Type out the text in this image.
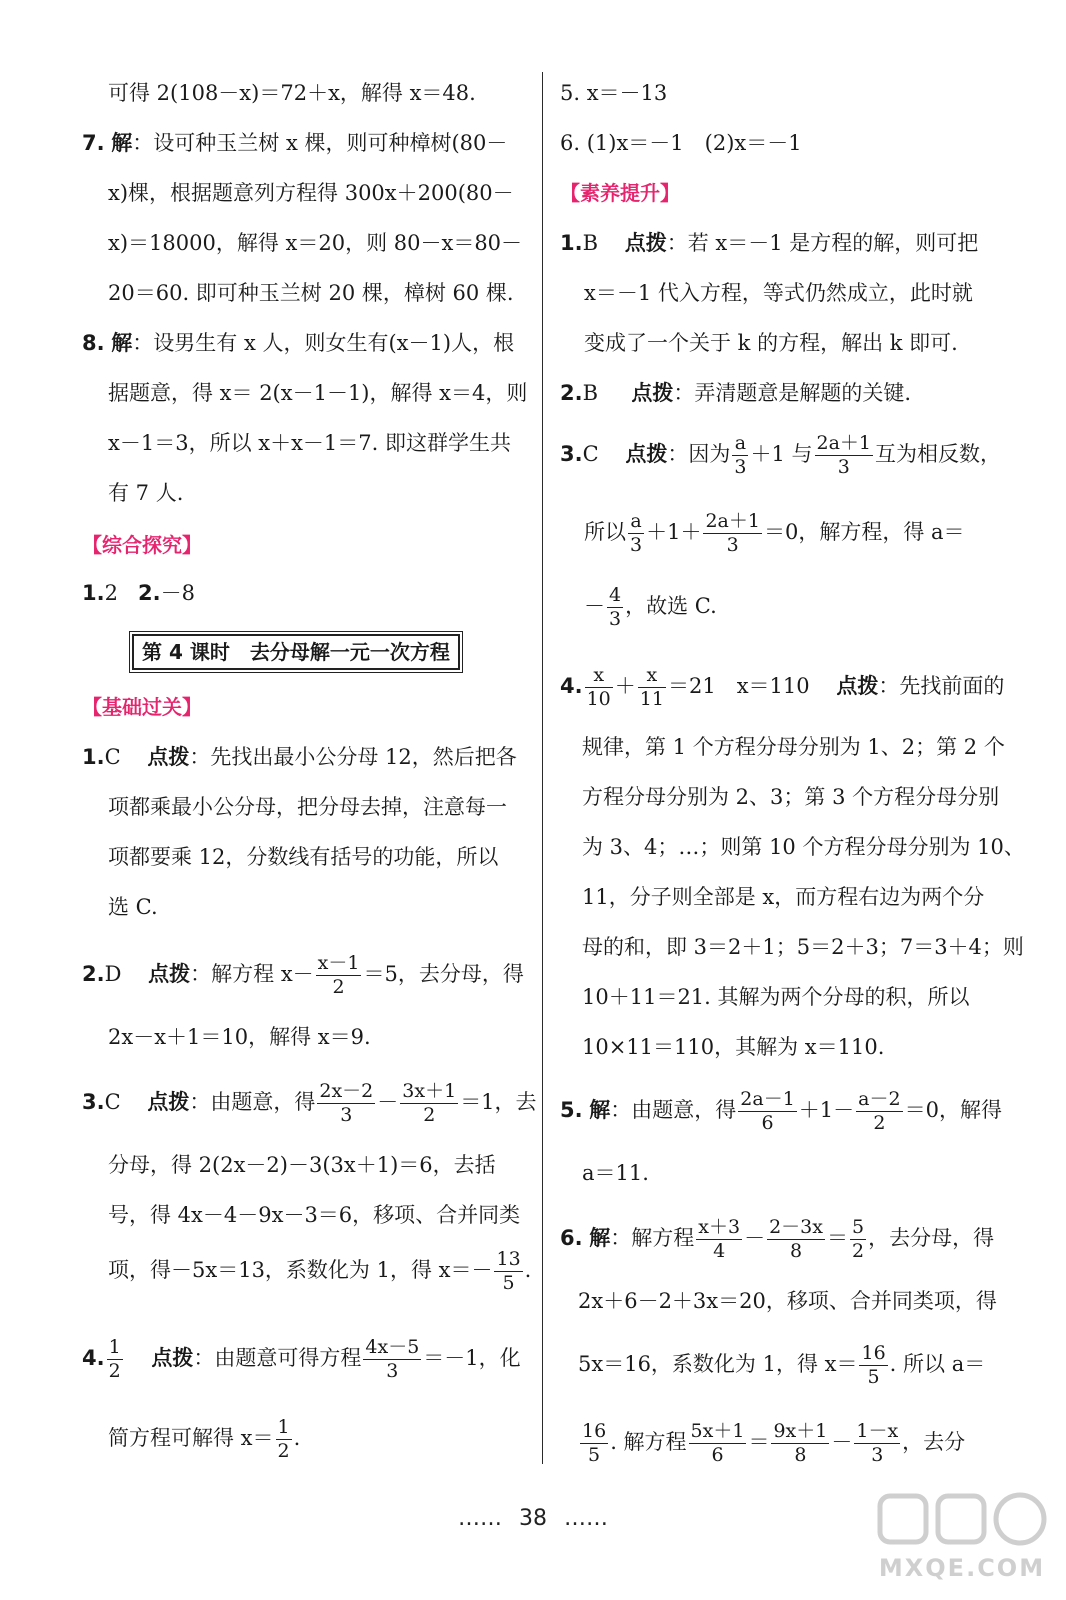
可得 2(108－x)＝72＋x，解得 x＝48.
7. 解：设可种玉兰树 x 棵，则可种樟树(80－
x)棵，根据题意列方程得 300x＋200(80－
x)＝18000，解得 x＝20，则 80－x＝80－
20＝60. 即可种玉兰树 20 棵，樟树 60 棵.
8. 解：设男生有 x 人，则女生有(x－1)人，根
据题意，得 x＝ 2(x－1－1)，解得 x＝4，则
x－1＝3，所以 x＋x－1＝7. 即这群学生共
有 7 人.
【综合探究】
1.2 2.－8
第 4 课时　去分母解一元一次方程
【基础过关】
1.C 点拨：先找出最小公分母 12，然后把各
项都乘最小公分母，把分母去掉，注意每一
项都要乘 12，分数线有括号的功能，所以
选 C.
2.D 点拨：解方程 $x- \frac{x-1}{2} =5$，去分母，得
2x－x＋1＝10，解得 x＝9.
3.C 点拨：由题意，得 $\frac{2x-2}{3} - \frac{3x+1}{2} =1$，去
分母，得 2(2x－2)－3(3x＋1)＝6，去括
号，得 4x－4－9x－3＝6，移项、合并同类
项，得－5x＝13，系数化为 1，得 $x=- \frac{13}{5}$ .
4. $\frac{1}{2}$ 点拨：由题意可得方程 $\frac{4x-5}{3} =-1$，化
简方程可解得 $x= \frac{1}{2}$ .
5. x＝－13
6. (1)x＝－1　(2)x＝－1
【素养提升】
1.B 点拨：若 x＝－1 是方程的解，则可把
x＝－1 代入方程，等式仍然成立，此时就
变成了一个关于 k 的方程，解出 k 即可.
2.B 点拨：弄清题意是解题的关键.
3.C 点拨：因为 $\frac{a}{3} +1$ 与 $\frac{2a+1}{3}$ 互为相反数，
所以 $\frac{a}{3} +1+ \frac{2a+1}{3} =0$，解方程，得 a＝
－ $\frac{4}{3}$ ，故选 C.
4. $\frac{x}{10} + \frac{x}{11} =21$　x＝110 点拨：先找前面的
规律，第 1 个方程分母分别为 1、2；第 2 个
方程分母分别为 2、3；第 3 个方程分母分别
为 3、4；…；则第 10 个方程分母分别为 10、
11，分子则全部是 x，而方程右边为两个分
母的和，即 3＝2＋1；5＝2＋3；7＝3＋4；则
10＋11＝21. 其解为两个分母的积，所以
10×11＝110，其解为 x＝110.
5. 解：由题意，得 $\frac{2a-1}{6} +1- \frac{a-2}{2} =0$，解得
a＝11.
6. 解：解方程 $\frac{x+3}{4} - \frac{2-3x}{8} = \frac{5}{2}$ ，去分母，得
2x＋6－2＋3x＝20，移项、合并同类项，得
5x＝16，系数化为 1，得 $x= \frac{16}{5}$ . 所以 a＝
$\frac{16}{5}$ . 解方程 $\frac{5x+1}{6} = \frac{9x+1}{8} - \frac{1-x}{3}$ ，去分
…… 38 ……
MXQE.COM
